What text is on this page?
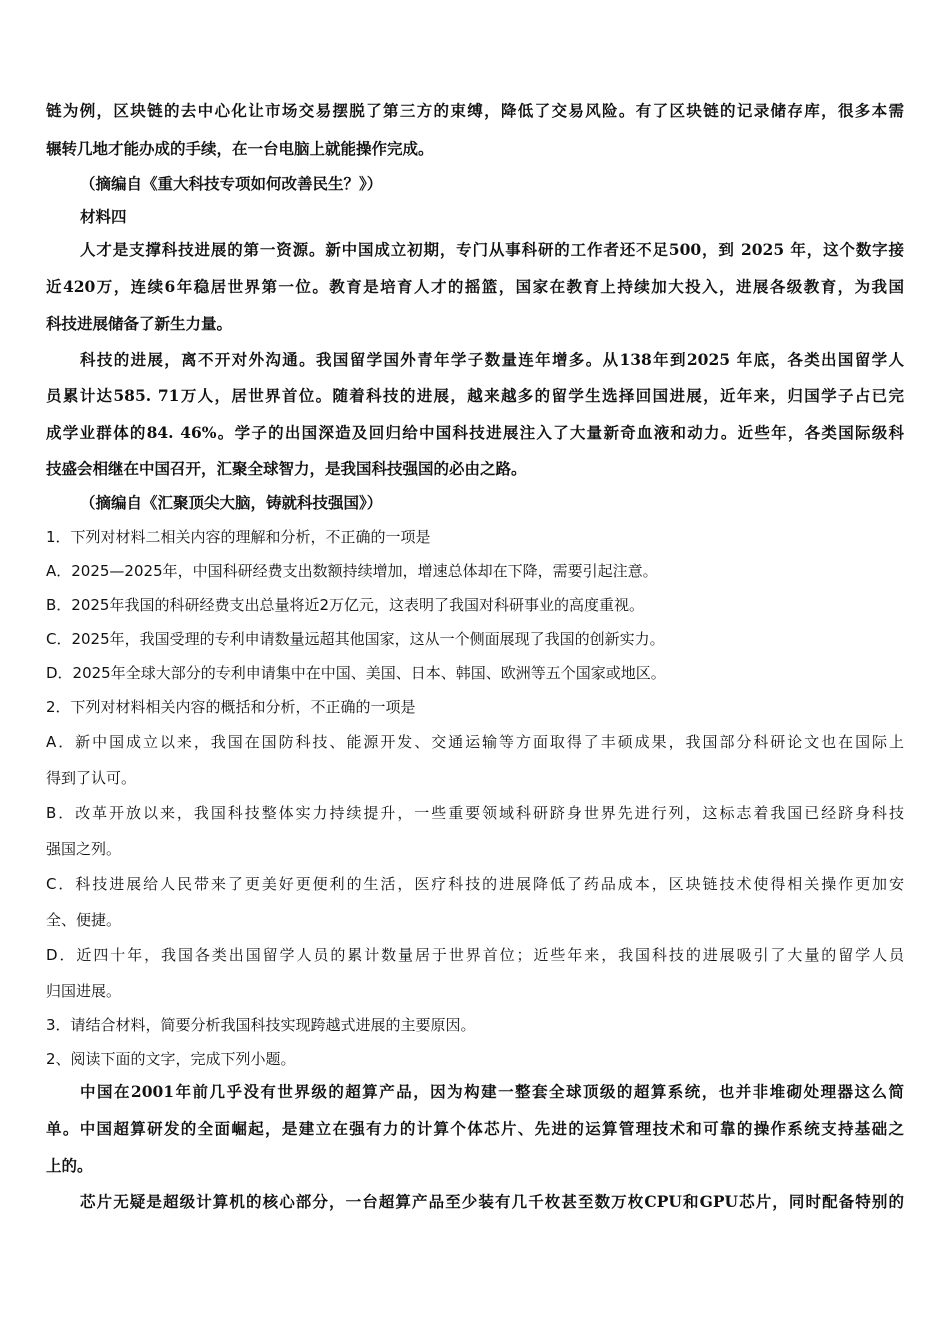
链为例，区块链的去中心化让市场交易摆脱了第三方的束缚，降低了交易风险。有了区块链的记录储存库，很多本需
辗转几地才能办成的手续，在一台电脑上就能操作完成。
（摘编自《重大科技专项如何改善民生？》）
材料四
人才是支撑科技进展的第一资源。新中国成立初期，专门从事科研的工作者还不足500，到 2025 年，这个数字接
近420万，连续6年稳居世界第一位。教育是培育人才的摇篮，国家在教育上持续加大投入，进展各级教育，为我国
科技进展储备了新生力量。
科技的进展，离不开对外沟通。我国留学国外青年学子数量连年增多。从138年到2025 年底，各类出国留学人
员累计达585. 71万人，居世界首位。随着科技的进展，越来越多的留学生选择回国进展，近年来，归国学子占已完
成学业群体的84. 46%。学子的出国深造及回归给中国科技进展注入了大量新奇血液和动力。近些年，各类国际级科
技盛会相继在中国召开，汇聚全球智力，是我国科技强国的必由之路。
（摘编自《汇聚顶尖大脑，铸就科技强国》）
1．下列对材料二相关内容的理解和分析，不正确的一项是
A．2025—2025年，中国科研经费支出数额持续增加，增速总体却在下降，需要引起注意。
B．2025年我国的科研经费支出总量将近2万亿元，这表明了我国对科研事业的高度重视。
C．2025年，我国受理的专利申请数量远超其他国家，这从一个侧面展现了我国的创新实力。
D．2025年全球大部分的专利申请集中在中国、美国、日本、韩国、欧洲等五个国家或地区。
2．下列对材料相关内容的概括和分析，不正确的一项是
A．新中国成立以来，我国在国防科技、能源开发、交通运输等方面取得了丰硕成果，我国部分科研论文也在国际上
得到了认可。
B．改革开放以来，我国科技整体实力持续提升，一些重要领域科研跻身世界先进行列，这标志着我国已经跻身科技
强国之列。
C．科技进展给人民带来了更美好更便利的生活，医疗科技的进展降低了药品成本，区块链技术使得相关操作更加安
全、便捷。
D．近四十年，我国各类出国留学人员的累计数量居于世界首位；近些年来，我国科技的进展吸引了大量的留学人员
归国进展。
3．请结合材料，简要分析我国科技实现跨越式进展的主要原因。
2、阅读下面的文字，完成下列小题。
中国在2001年前几乎没有世界级的超算产品，因为构建一整套全球顶级的超算系统，也并非堆砌处理器这么简
单。中国超算研发的全面崛起，是建立在强有力的计算个体芯片、先进的运算管理技术和可靠的操作系统支持基础之
上的。
芯片无疑是超级计算机的核心部分，一台超算产品至少装有几千枚甚至数万枚CPU和GPU芯片，同时配备特别的
